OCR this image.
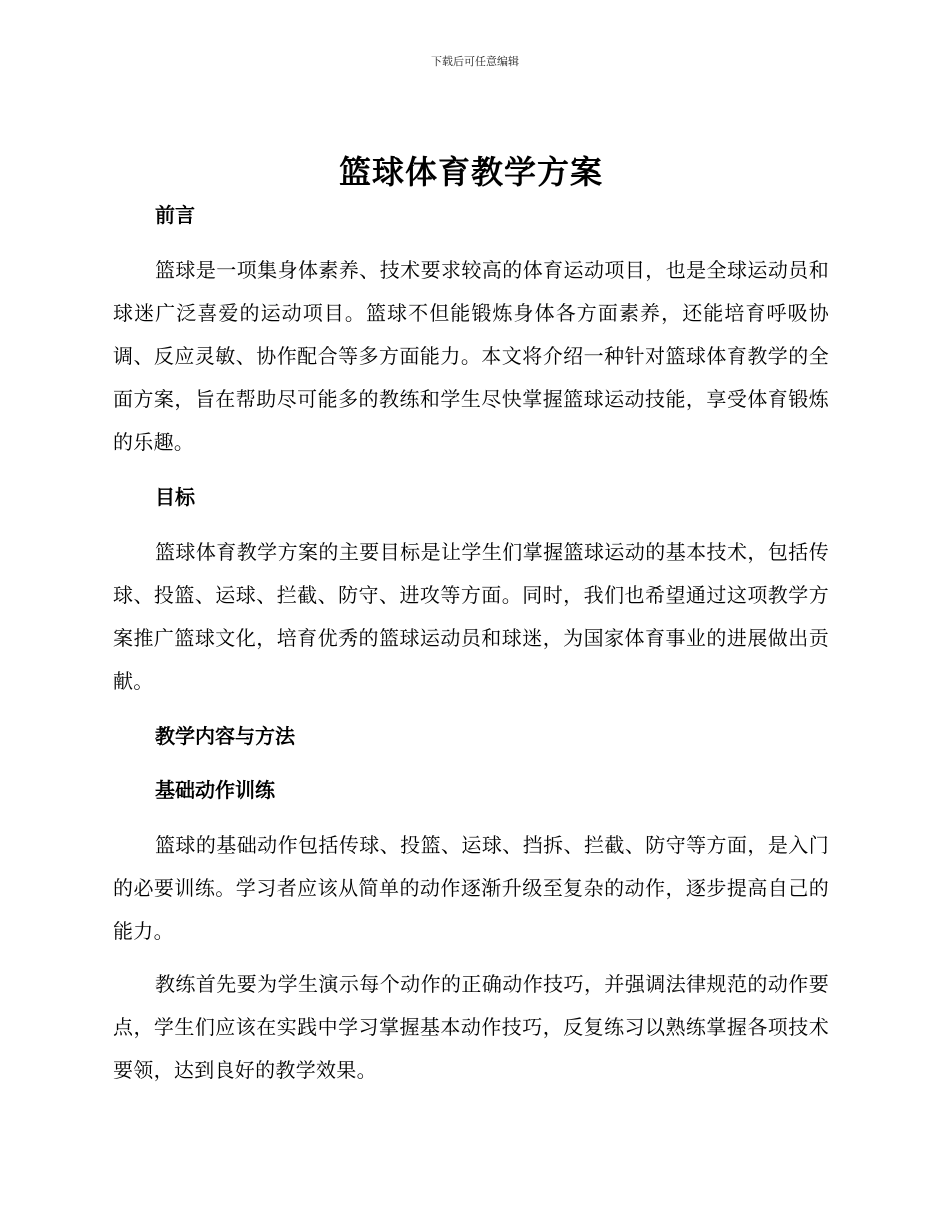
下载后可任意编辑
篮球体育教学方案
前言

篮球是一项集身体素养、技术要求较高的体育运动项目，也是全球运动员和球迷广泛喜爱的运动项目。篮球不但能锻炼身体各方面素养，还能培育呼吸协调、反应灵敏、协作配合等多方面能力。本文将介绍一种针对篮球体育教学的全面方案，旨在帮助尽可能多的教练和学生尽快掌握篮球运动技能，享受体育锻炼的乐趣。

目标

篮球体育教学方案的主要目标是让学生们掌握篮球运动的基本技术，包括传球、投篮、运球、拦截、防守、进攻等方面。同时，我们也希望通过这项教学方案推广篮球文化，培育优秀的篮球运动员和球迷，为国家体育事业的进展做出贡献。

教学内容与方法
基础动作训练

篮球的基础动作包括传球、投篮、运球、挡拆、拦截、防守等方面，是入门的必要训练。学习者应该从简单的动作逐渐升级至复杂的动作，逐步提高自己的能力。

教练首先要为学生演示每个动作的正确动作技巧，并强调法律规范的动作要点，学生们应该在实践中学习掌握基本动作技巧，反复练习以熟练掌握各项技术要领，达到良好的教学效果。
